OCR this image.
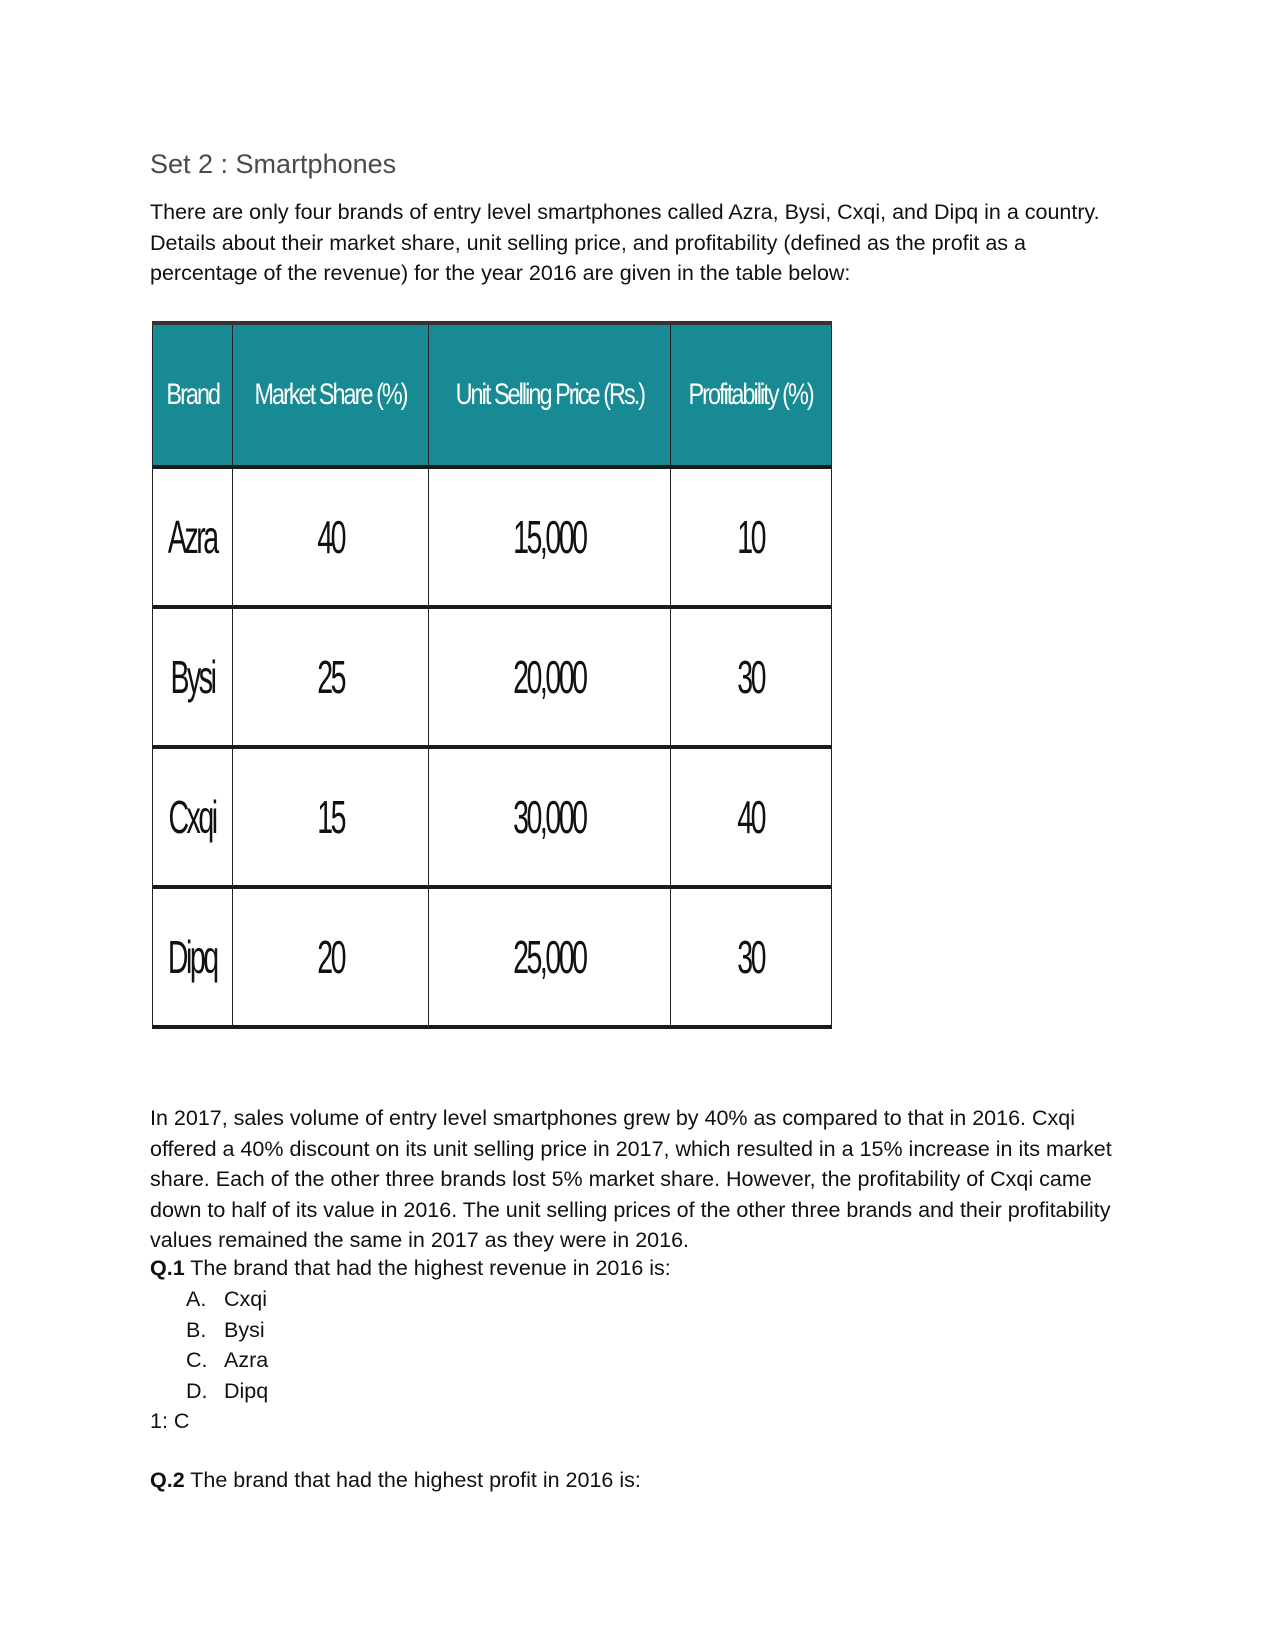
Set 2 : Smartphones
There are only four brands of entry level smartphones called Azra, Bysi, Cxqi, and Dipq in a country. Details about their market share, unit selling price, and profitability (defined as the profit as a percentage of the revenue) for the year 2016 are given in the table below:
Brand	Market Share (%)	Unit Selling Price (Rs.)	Profitability (%)
Azra	40	15,000	10
Bysi	25	20,000	30
Cxqi	15	30,000	40
Dipq	20	25,000	30
In 2017, sales volume of entry level smartphones grew by 40% as compared to that in 2016. Cxqi offered a 40% discount on its unit selling price in 2017, which resulted in a 15% increase in its market share. Each of the other three brands lost 5% market share. However, the profitability of Cxqi came down to half of its value in 2016. The unit selling prices of the other three brands and their profitability values remained the same in 2017 as they were in 2016.
Q.1 The brand that had the highest revenue in 2016 is:
A. Cxqi
B. Bysi
C. Azra
D. Dipq
1: C
Q.2 The brand that had the highest profit in 2016 is:
